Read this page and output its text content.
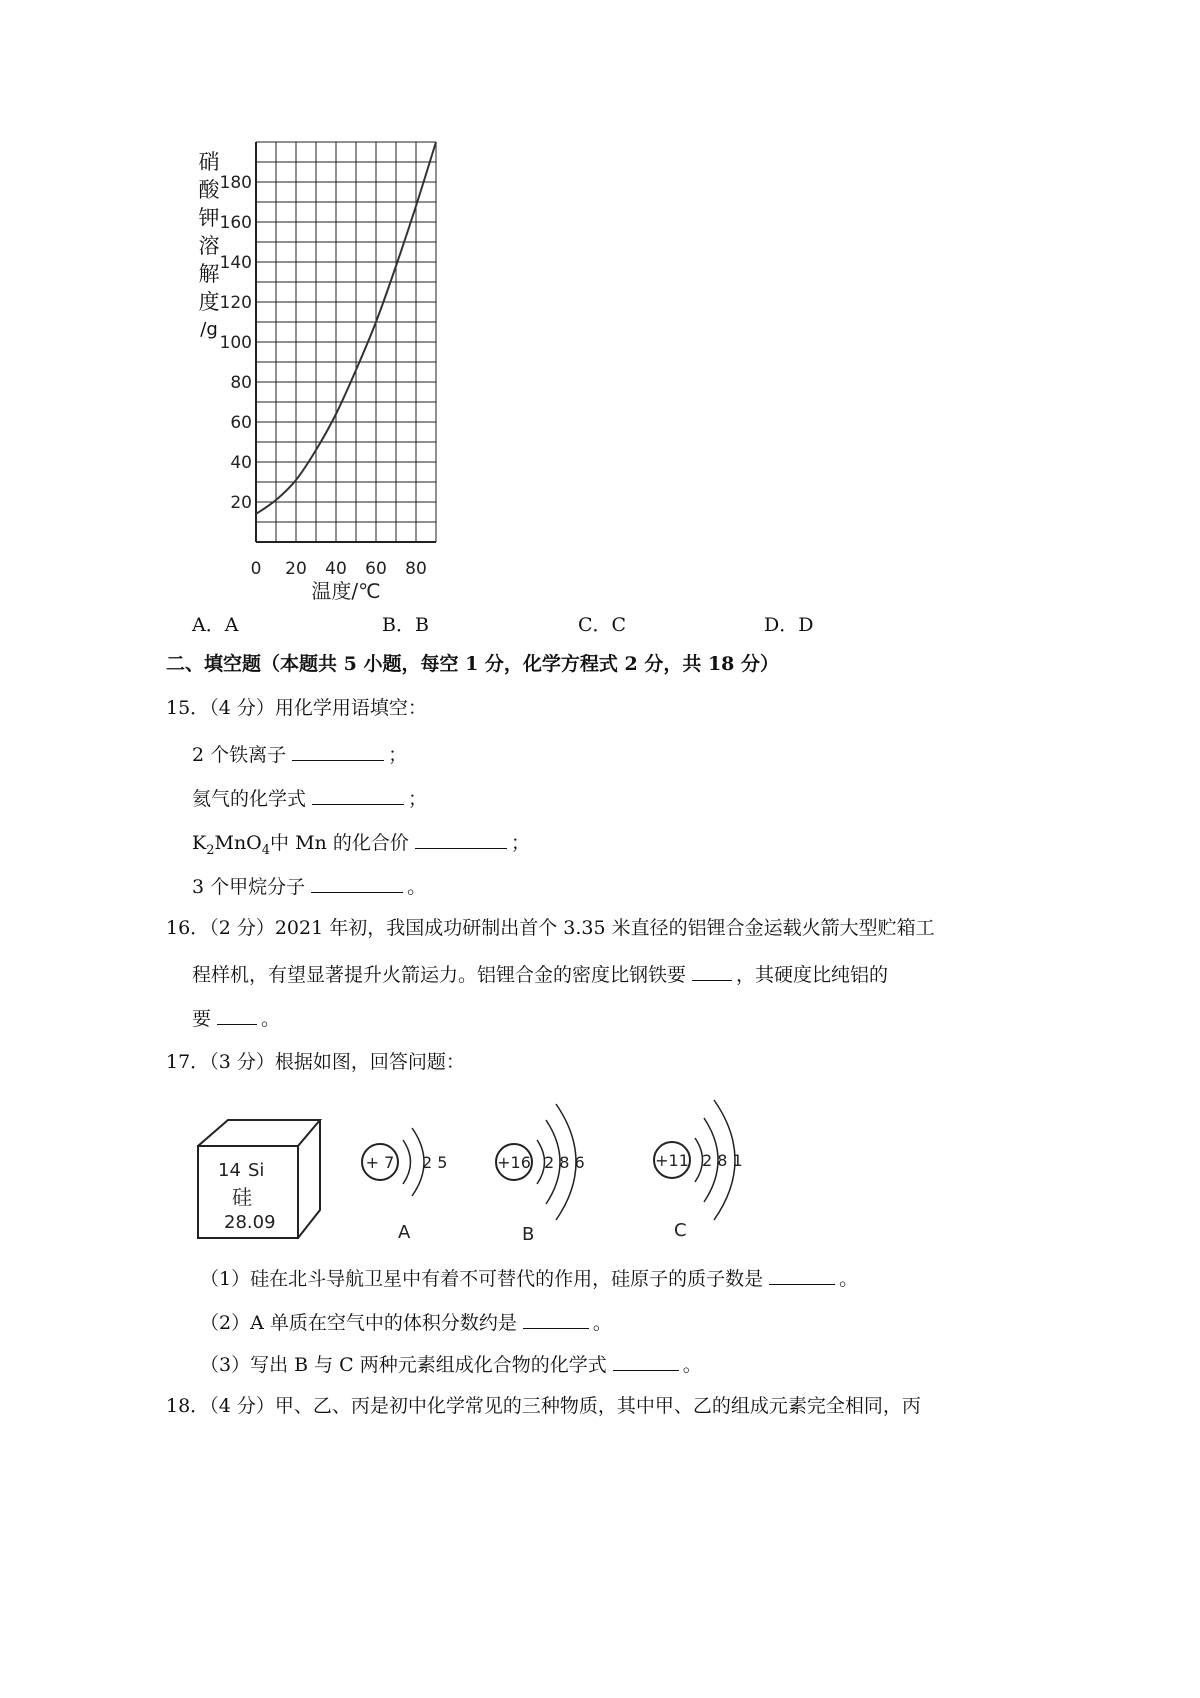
硝
酸
钾
溶
解
度
/g
20
40
60
80
100
120
140
160
180
0 20 40 60 80
温度/℃
A．A	B．B	C．C	D．D
二、填空题（本题共 5 小题，每空 1 分，化学方程式 2 分，共 18 分）
15．（4 分）用化学用语填空：
2 个铁离子	；
氦气的化学式	；
$K_2MnO_4$中 Mn 的化合价	；
3 个甲烷分子	。
16．（2 分）2021 年初，我国成功研制出首个 3.35 米直径的铝锂合金运载火箭大型贮箱工
程样机，有望显著提升火箭运力。铝锂合金的密度比钢铁要	，其硬度比纯铝的
要	。
17．（3 分）根据如图，回答问题：
14 Si
硅
28.09
+ 7 2 5
A
+16 2 8 6
B
+11 2 8 1
C
（1）硅在北斗导航卫星中有着不可替代的作用，硅原子的质子数是	。
（2）A 单质在空气中的体积分数约是	。
（3）写出 B 与 C 两种元素组成化合物的化学式	。
18．（4 分）甲、乙、丙是初中化学常见的三种物质，其中甲、乙的组成元素完全相同，丙
